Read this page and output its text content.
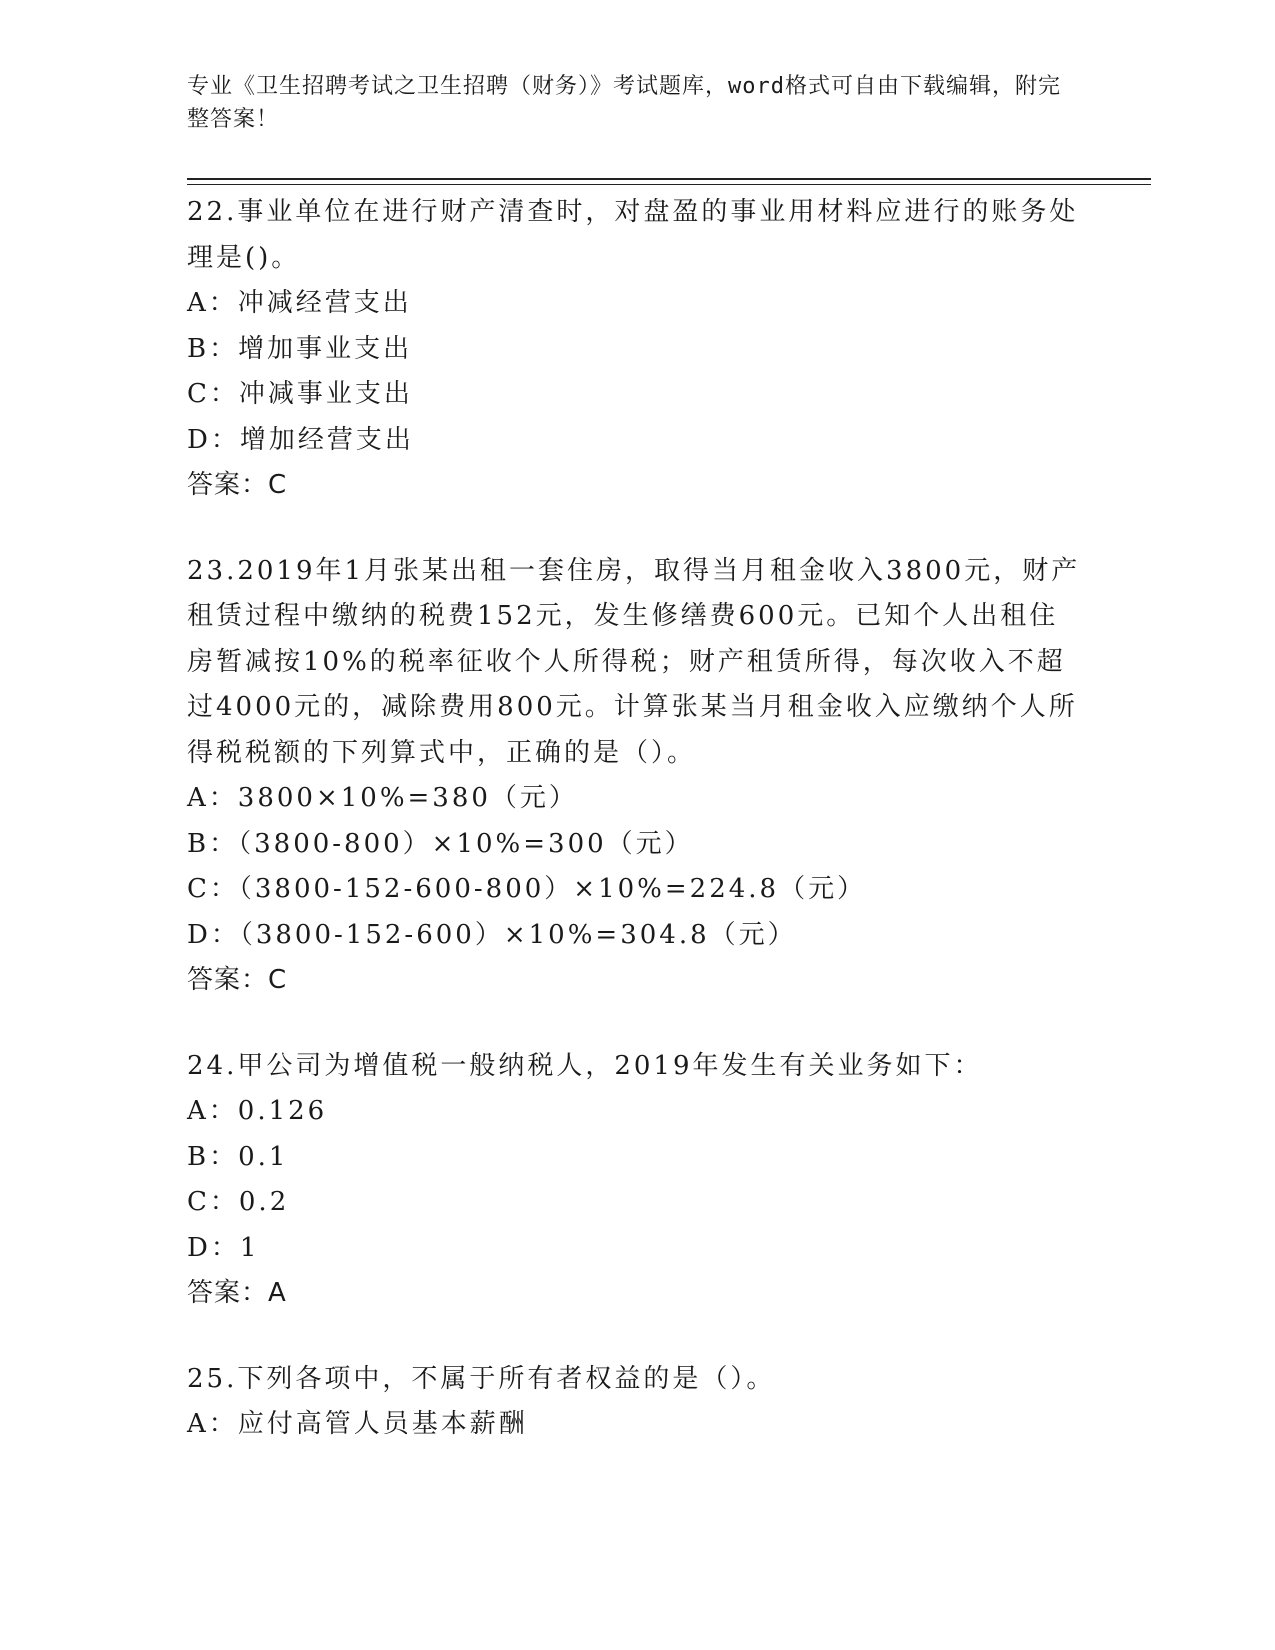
专业《卫生招聘考试之卫生招聘（财务）》考试题库，word格式可自由下载编辑，附完整答案！
22.事业单位在进行财产清查时，对盘盈的事业用材料应进行的账务处理是()。
A：冲减经营支出
B：增加事业支出
C：冲减事业支出
D：增加经营支出
答案：C
23.2019年1月张某出租一套住房，取得当月租金收入3800元，财产租赁过程中缴纳的税费152元，发生修缮费600元。已知个人出租住房暂减按10%的税率征收个人所得税；财产租赁所得，每次收入不超过4000元的，减除费用800元。计算张某当月租金收入应缴纳个人所得税税额的下列算式中，正确的是（）。
A：3800×10%=380（元）
B：（3800-800）×10%=300（元）
C：（3800-152-600-800）×10%=224.8（元）
D：（3800-152-600）×10%=304.8（元）
答案：C
24.甲公司为增值税一般纳税人，2019年发生有关业务如下：
A：0.126
B：0.1
C：0.2
D：1
答案：A
25.下列各项中，不属于所有者权益的是（）。
A：应付高管人员基本薪酬
